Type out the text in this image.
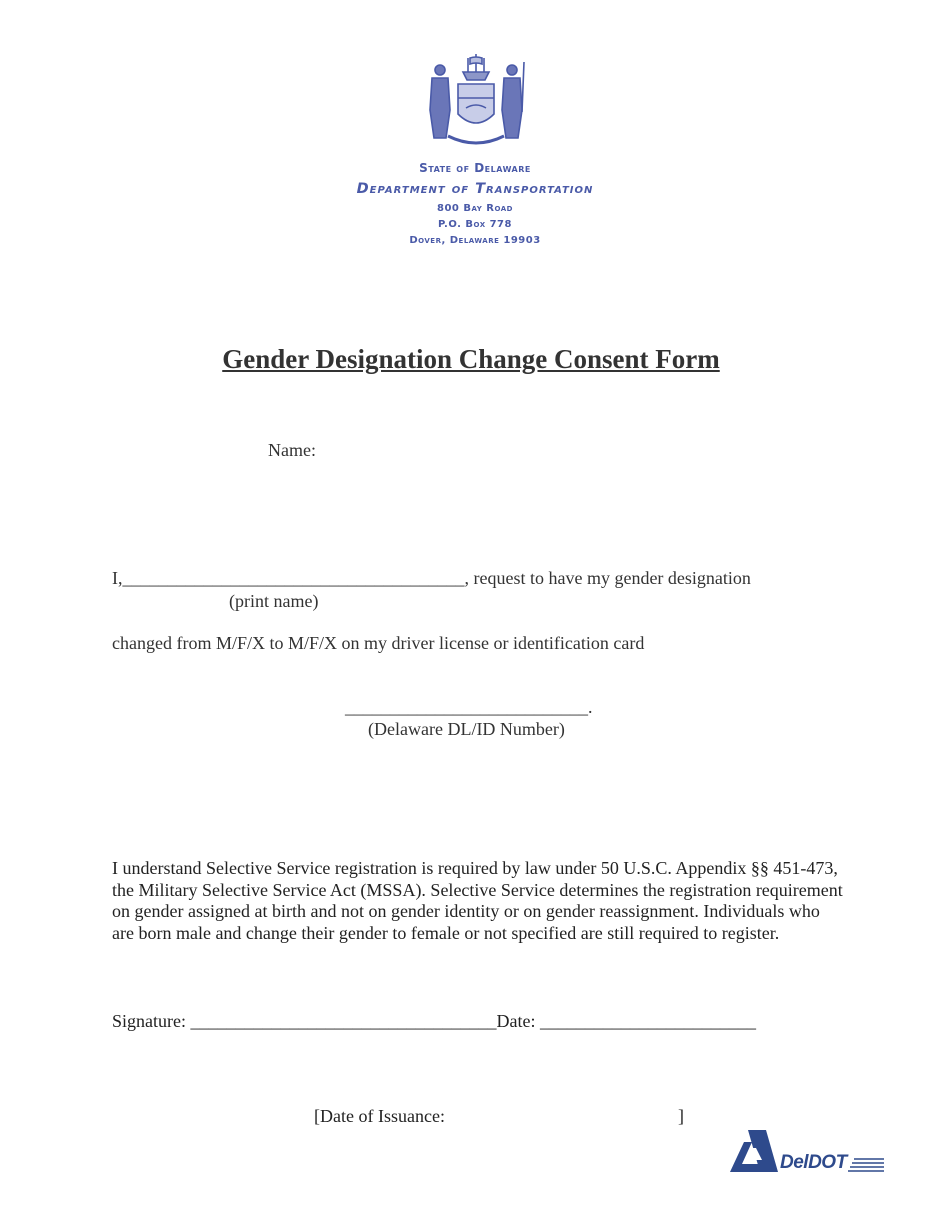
State of Delaware
Department of Transportation
800 Bay Road
P.O. Box 778
Dover, Delaware 19903
Gender Designation Change Consent Form
Name:
I,______________________________________, request to have my gender designation
(print name)
changed from M/F/X to M/F/X on my driver license or identification card
___________________________.
(Delaware DL/ID Number)
I understand Selective Service registration is required by law under 50 U.S.C. Appendix §§ 451-473, the Military Selective Service Act (MSSA). Selective Service determines the registration requirement on gender assigned at birth and not on gender identity or on gender reassignment. Individuals who are born male and change their gender to female or not specified are still required to register.
Signature: __________________________________Date: ________________________
[Date of Issuance:	]
DelDOT
